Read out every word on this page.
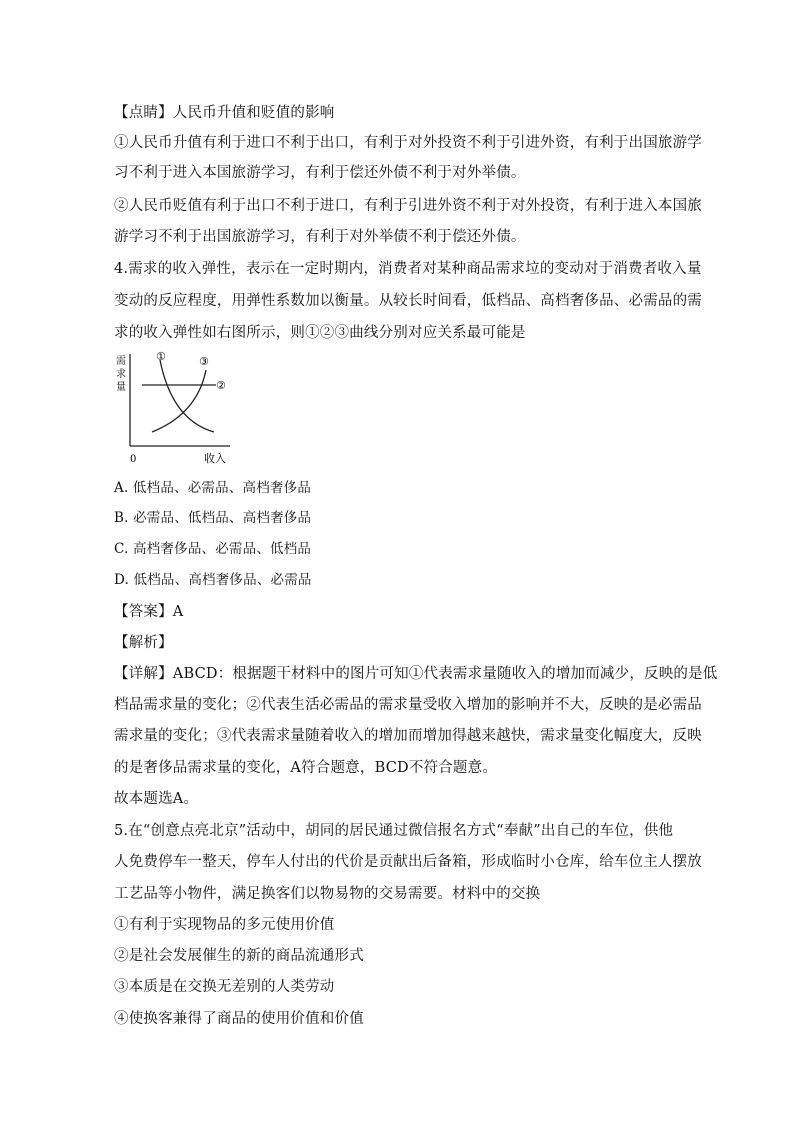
【点睛】人民币升值和贬值的影响
①人民币升值有利于进口不利于出口，有利于对外投资不利于引进外资，有利于出国旅游学
习不利于进入本国旅游学习，有利于偿还外债不利于对外举债。
②人民币贬值有利于出口不利于进口，有利于引进外资不利于对外投资，有利于进入本国旅
游学习不利于出国旅游学习，有利于对外举债不利于偿还外债。
4.需求的收入弹性，表示在一定时期内，消费者对某种商品需求垃的变动对于消费者收入量
变动的反应程度，用弹性系数加以衡量。从较长时间看，低档品、高档奢侈品、必需品的需
求的收入弹性如右图所示，则①②③曲线分别对应关系最可能是
需
求
量
①	③
②
0	收入
A. 低档品、必需品、高档奢侈品
B. 必需品、低档品、高档奢侈品
C. 高档奢侈品、必需品、低档品
D. 低档品、高档奢侈品、必需品
【答案】A
【解析】
【详解】ABCD：根据题干材料中的图片可知①代表需求量随收入的增加而减少，反映的是低
档品需求量的变化；②代表生活必需品的需求量受收入增加的影响并不大，反映的是必需品
需求量的变化；③代表需求量随着收入的增加而增加得越来越快，需求量变化幅度大，反映
的是奢侈品需求量的变化，A符合题意，BCD不符合题意。
故本题选A。
5.在“创意点亮北京”活动中，胡同的居民通过微信报名方式“奉献”出自己的车位，供他
人免费停车一整天，停车人付出的代价是贡献出后备箱，形成临时小仓库，给车位主人摆放
工艺品等小物件，满足换客们以物易物的交易需要。材料中的交换
①有利于实现物品的多元使用价值
②是社会发展催生的新的商品流通形式
③本质是在交换无差别的人类劳动
④使换客兼得了商品的使用价值和价值
